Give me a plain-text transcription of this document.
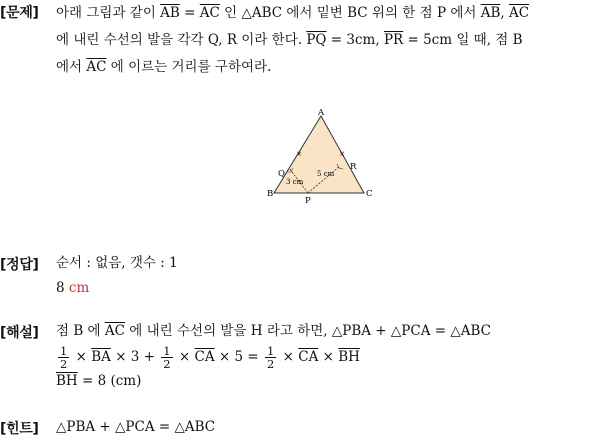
[문제] 아래 그림과 같이 $\overline{AB} = \overline{AC}$ 인 △ABC 에서 밑변 BC 위의 한 점 P 에서 $\overline{AB}$, $\overline{AC}$
에 내린 수선의 발을 각각 Q, R 이라 한다. $\overline{PQ} = 3cm$, $\overline{PR} = 5cm$ 일 때, 점 B
에서 $\overline{AC}$ 에 이르는 거리를 구하여라.
×	×
A
B	C
P
Q
R
3 cm
5 cm
[정답] 순서 : 없음, 갯수 : 1
8 cm
[해설] 점 B 에 $\overline{AC}$ 에 내린 수선의 발을 H 라고 하면, △PBA + △PCA = △ABC
$\frac{1}{2} \times \overline{BA} \times 3 + \frac{1}{2} \times \overline{CA} \times 5 = \frac{1}{2} \times \overline{CA} \times \overline{BH}$
$\overline{BH} = 8$ (cm)
[힌트] △PBA + △PCA = △ABC
